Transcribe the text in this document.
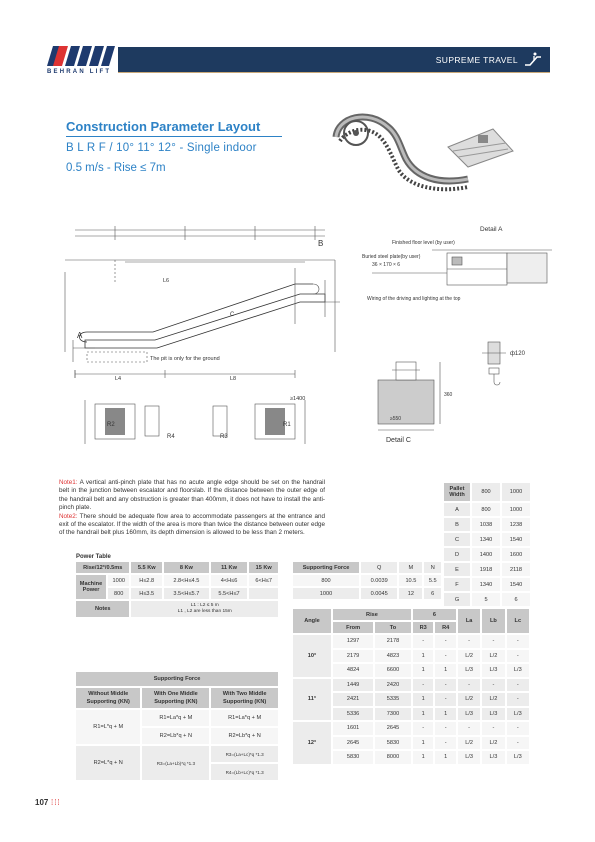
BEHRAN LIFT
SUPREME TRAVEL
Construction Parameter Layout
B L R F / 10° 11° 12° - Single indoor
0.5 m/s - Rise ≤ 7m
L6
A
B
C
The pit is only for the ground
R2
R4	R3
R1
≥1400
L4	L8
Detail A
Finished floor level (by user)
Buried steel plate(by user)
36 × 170 × 6
Wiring of the driving and lighting at the top
ф120
360
≥550
Detail C
Note1: A vertical anti-pinch plate that has no acute angle edge should be set on the handrail belt in the junction between escalator and floorslab. If the distance between the outer edge of the handrail belt and any obstruction is greater than 400mm, it does not have to install the anti-pinch plate.
Note2: There should be adequate flow area to accommodate passengers at the entrance and exit of the escalator. If the width of the area is more than twice the distance between outer edge of the handrail belt plus 160mm, its depth dimension is allowed to be less than 2 meters.
Pallet Width	800	1000
A	800	1000
B	1038	1238
C	1340	1540
D	1400	1600
E	1918	2118
F	1340	1540
G	5	6
Power Table
Rise/12°/0.5ms		5.5 Kw	8 Kw	11 Kw	15 Kw
Machine Power	1000	H≤2.8	2.8<H≤4.5	4<H≤6	6<H≤7
	800	H≤3.5	3.5<H≤5.7	5.5<H≤7	
Notes		L1 : L2 ≤ 5 m
L1 , L2 are less than 15m			
Supporting Force	Q	M	N
800	0.0039	10.5	5.5
1000	0.0045	12	6
Angle	Rise		6		La	Lb	Lc
	From	To	R3	R4			
10°	1297	2178	-	-	-	-	-
	2179	4823	1	-	L/2	L/2	-
	4824	6600	1	1	L/3	L/3	L/3
11°	1449	2420	-	-	-	-	-
	2421	5335	1	-	L/2	L/2	-
	5336	7300	1	1	L/3	L/3	L/3
12°	1601	2645	-	-	-	-	-
	2645	5830	1	-	L/2	L/2	-
	5830	8000	1	1	L/3	L/3	L/3
Supporting Force		
Without Middle Supporting (KN)	With One Middle Supporting (KN)	With Two Middle Supporting (KN)
R1=L*q + M	R1=La*q + M	R1=La*q + M
	R2=Lb*q + N	R2=Lb*q + N
R2=L*q + N	R3=(La+Lb)*q *1.3	R3=(La+Lc)*q *1.3
		R4=(Lb+Lc)*q *1.3
107 ⁞⁞⁞
